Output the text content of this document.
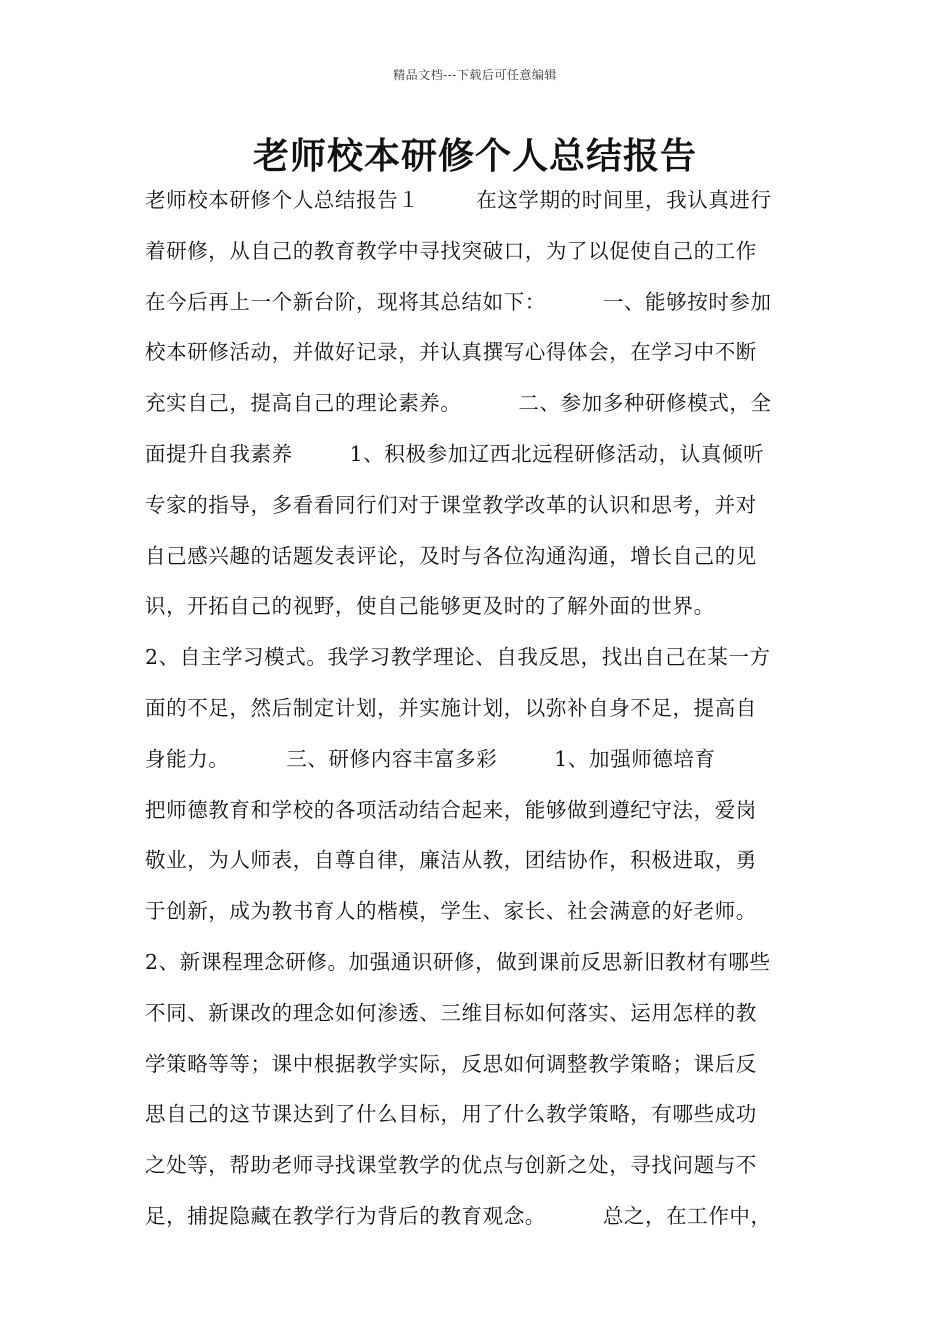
精品文档---下载后可任意编辑
老师校本研修个人总结报告
老师校本研修个人总结报告１        在这学期的时间里，我认真进行
着研修，从自己的教育教学中寻找突破口，为了以促使自己的工作
在今后再上一个新台阶，现将其总结如下：        一、能够按时参加
校本研修活动，并做好记录，并认真撰写心得体会，在学习中不断
充实自己，提高自己的理论素养。        二、参加多种研修模式，全
面提升自我素养        1、积极参加辽西北远程研修活动，认真倾听
专家的指导，多看看同行们对于课堂教学改革的认识和思考，并对
自己感兴趣的话题发表评论，及时与各位沟通沟通，增长自己的见
识，开拓自己的视野，使自己能够更及时的了解外面的世界。
2、自主学习模式。我学习教学理论、自我反思，找出自己在某一方
面的不足，然后制定计划，并实施计划，以弥补自身不足，提高自
身能力。        三、研修内容丰富多彩        1、加强师德培育
把师德教育和学校的各项活动结合起来，能够做到遵纪守法，爱岗
敬业，为人师表，自尊自律，廉洁从教，团结协作，积极进取，勇
于创新，成为教书育人的楷模，学生、家长、社会满意的好老师。
2、新课程理念研修。加强通识研修，做到课前反思新旧教材有哪些
不同、新课改的理念如何渗透、三维目标如何落实、运用怎样的教
学策略等等；课中根据教学实际，反思如何调整教学策略；课后反
思自己的这节课达到了什么目标，用了什么教学策略，有哪些成功
之处等，帮助老师寻找课堂教学的优点与创新之处，寻找问题与不
足，捕捉隐藏在教学行为背后的教育观念。        总之，在工作中，
